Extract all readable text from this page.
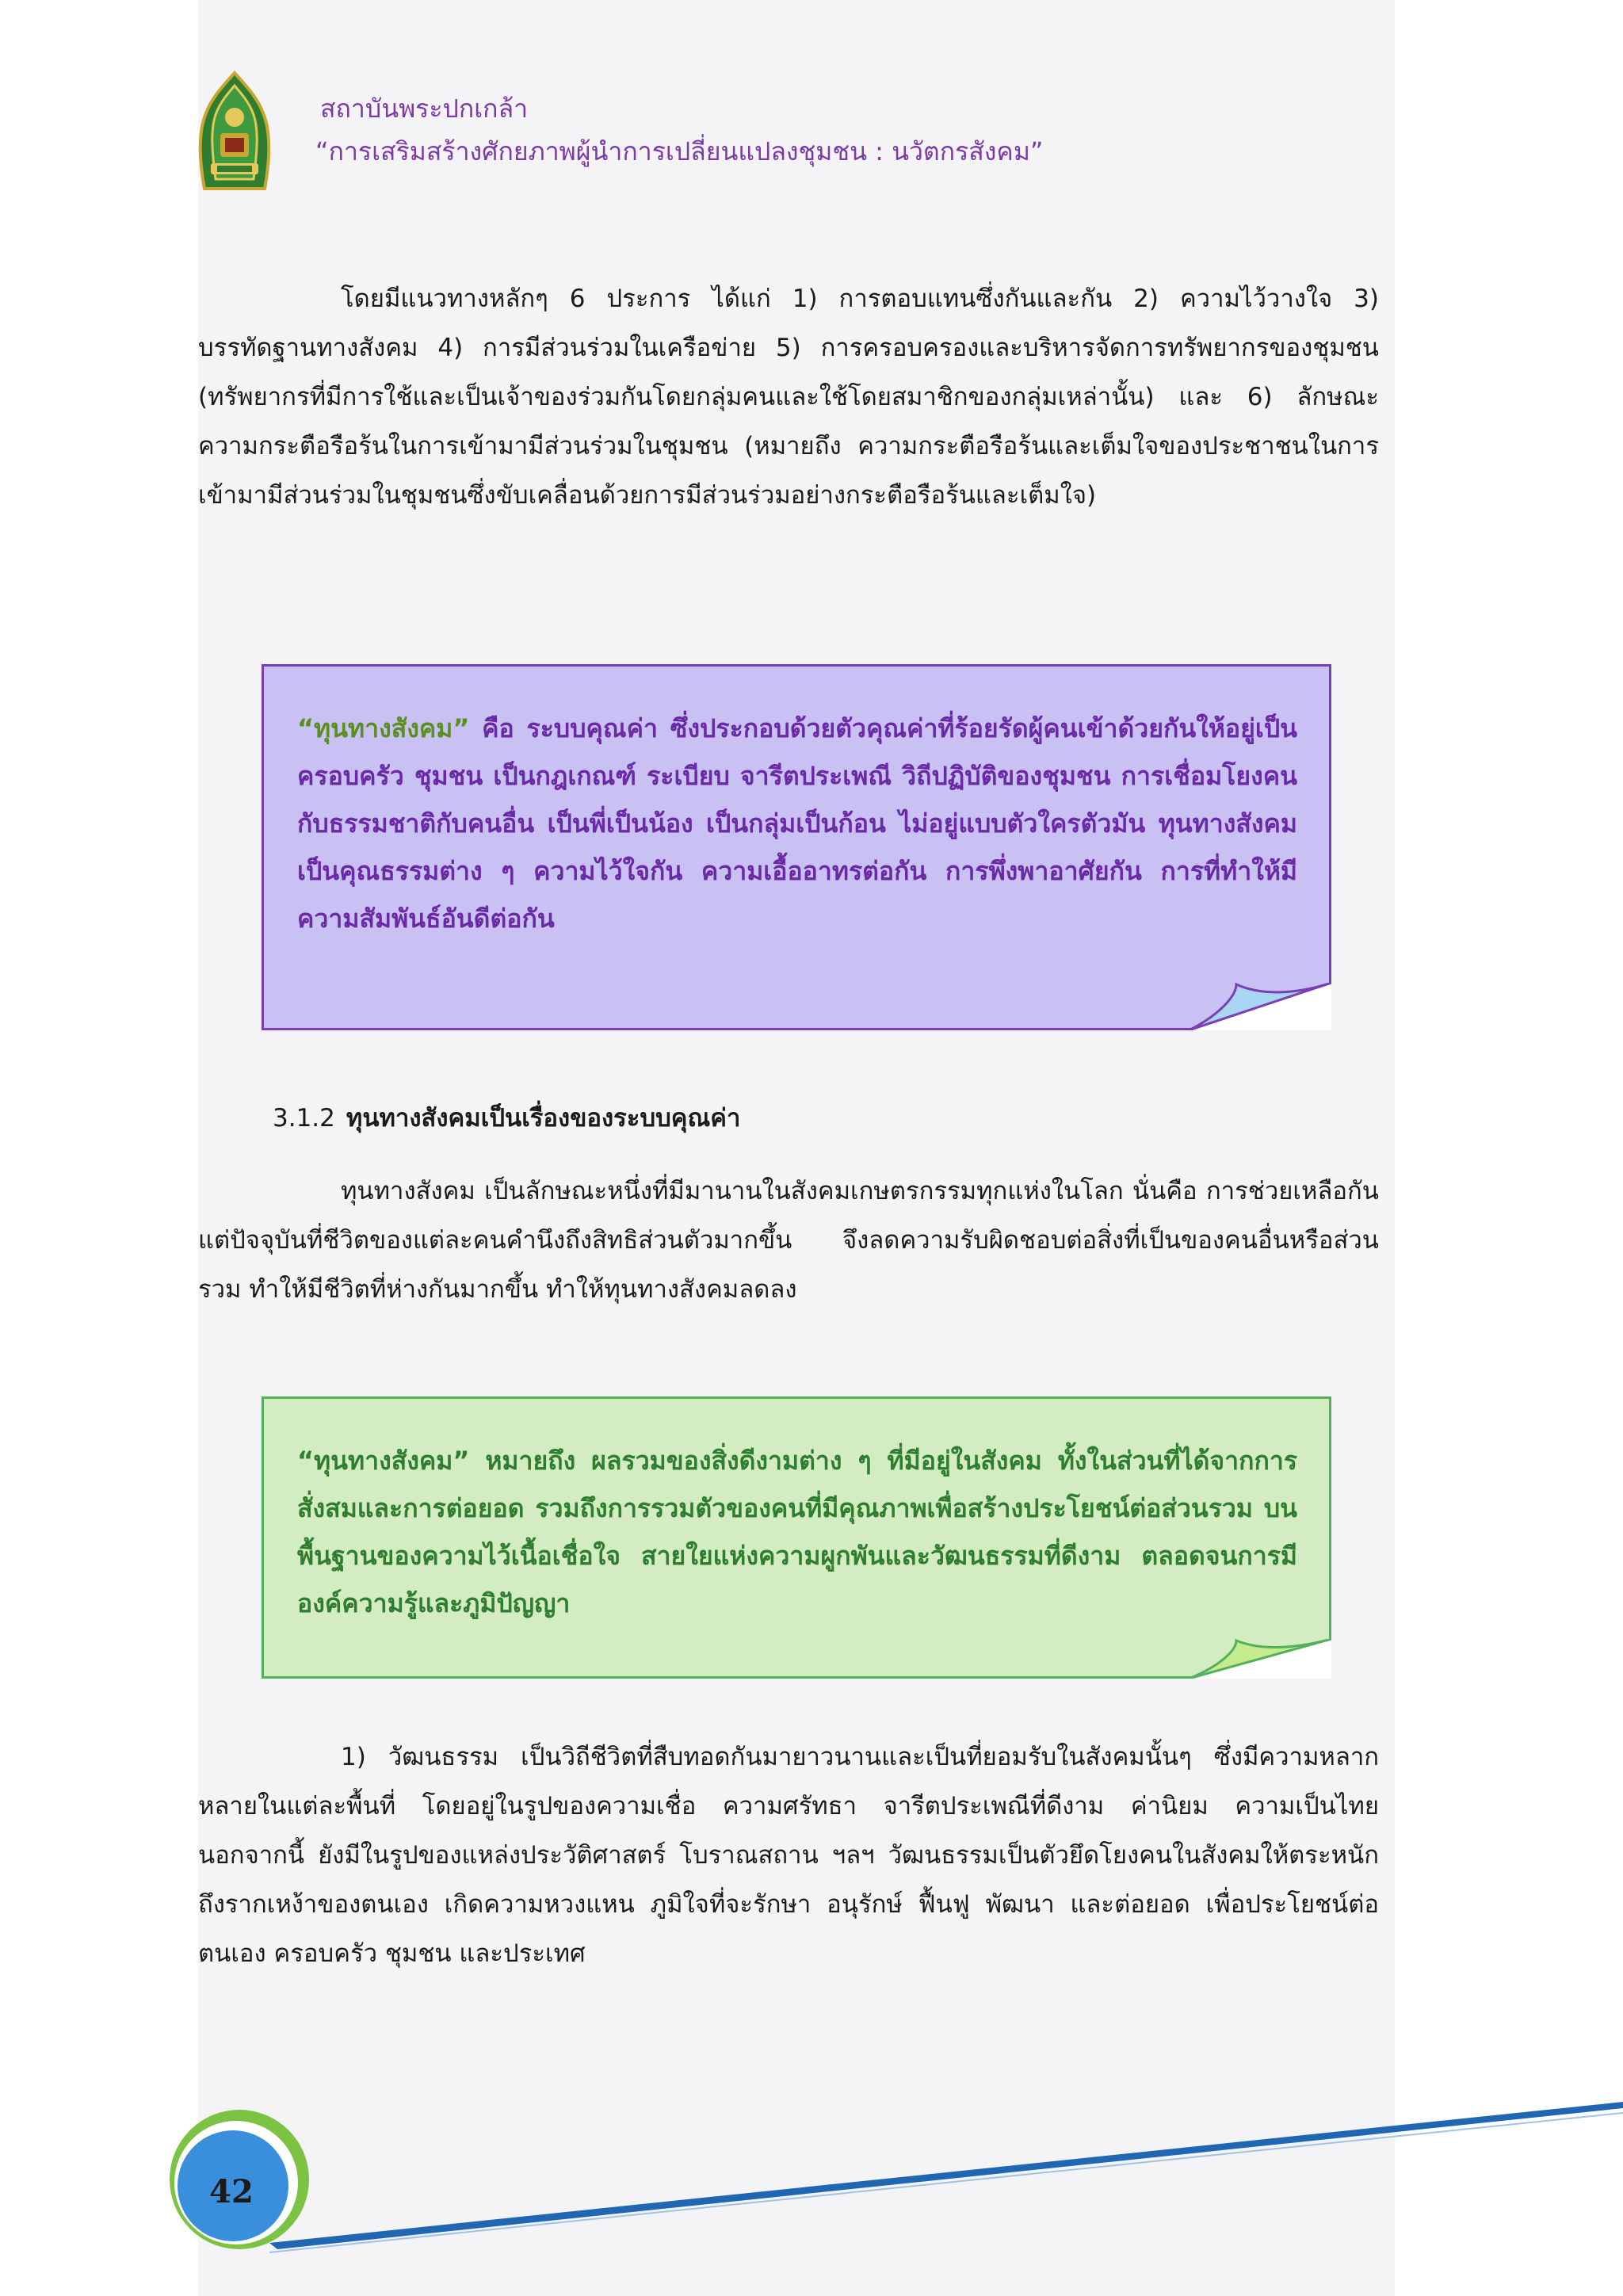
สถาบันพระปกเกล้า
“การเสริมสร้างศักยภาพผู้นำการเปลี่ยนแปลงชุมชน : นวัตกรสังคม”
โดยมีแนวทางหลักๆ 6 ประการ ได้แก่ 1) การตอบแทนซึ่งกันและกัน 2) ความไว้วางใจ 3) บรรทัดฐานทางสังคม 4) การมีส่วนร่วมในเครือข่าย 5) การครอบครองและบริหารจัดการทรัพยากรของชุมชน (ทรัพยากรที่มีการใช้และเป็นเจ้าของร่วมกันโดยกลุ่มคนและใช้โดยสมาชิกของกลุ่มเหล่านั้น) และ 6) ลักษณะความกระตือรือร้นในการเข้ามามีส่วนร่วมในชุมชน (หมายถึง ความกระตือรือร้นและเต็มใจของประชาชนในการเข้ามามีส่วนร่วมในชุมชนซึ่งขับเคลื่อนด้วยการมีส่วนร่วมอย่างกระตือรือร้นและเต็มใจ)
“ทุนทางสังคม” คือ ระบบคุณค่า ซึ่งประกอบด้วยตัวคุณค่าที่ร้อยรัดผู้คนเข้าด้วยกันให้อยู่เป็นครอบครัว ชุมชน เป็นกฎเกณฑ์ ระเบียบ จารีตประเพณี วิถีปฏิบัติของชุมชน การเชื่อมโยงคนกับธรรมชาติกับคนอื่น เป็นพี่เป็นน้อง เป็นกลุ่มเป็นก้อน ไม่อยู่แบบตัวใครตัวมัน ทุนทางสังคมเป็นคุณธรรมต่าง ๆ ความไว้ใจกัน ความเอื้ออาทรต่อกัน การพึ่งพาอาศัยกัน การที่ทำให้มีความสัมพันธ์อันดีต่อกัน
3.1.2 ทุนทางสังคมเป็นเรื่องของระบบคุณค่า
ทุนทางสังคม เป็นลักษณะหนึ่งที่มีมานานในสังคมเกษตรกรรมทุกแห่งในโลก นั่นคือ การช่วยเหลือกัน แต่ปัจจุบันที่ชีวิตของแต่ละคนคำนึงถึงสิทธิส่วนตัวมากขึ้น จึงลดความรับผิดชอบต่อสิ่งที่เป็นของคนอื่นหรือส่วนรวม ทำให้มีชีวิตที่ห่างกันมากขึ้น ทำให้ทุนทางสังคมลดลง
“ทุนทางสังคม” หมายถึง ผลรวมของสิ่งดีงามต่าง ๆ ที่มีอยู่ในสังคม ทั้งในส่วนที่ได้จากการสั่งสมและการต่อยอด รวมถึงการรวมตัวของคนที่มีคุณภาพเพื่อสร้างประโยชน์ต่อส่วนรวม บนพื้นฐานของความไว้เนื้อเชื่อใจ สายใยแห่งความผูกพันและวัฒนธรรมที่ดีงาม ตลอดจนการมีองค์ความรู้และภูมิปัญญา
1) วัฒนธรรม เป็นวิถีชีวิตที่สืบทอดกันมายาวนานและเป็นที่ยอมรับในสังคมนั้นๆ ซึ่งมีความหลากหลายในแต่ละพื้นที่ โดยอยู่ในรูปของความเชื่อ ความศรัทธา จารีตประเพณีที่ดีงาม ค่านิยม ความเป็นไทย นอกจากนี้ ยังมีในรูปของแหล่งประวัติศาสตร์ โบราณสถาน ฯลฯ วัฒนธรรมเป็นตัวยึดโยงคนในสังคมให้ตระหนักถึงรากเหง้าของตนเอง เกิดความหวงแหน ภูมิใจที่จะรักษา อนุรักษ์ ฟื้นฟู พัฒนา และต่อยอด เพื่อประโยชน์ต่อตนเอง ครอบครัว ชุมชน และประเทศ
42
